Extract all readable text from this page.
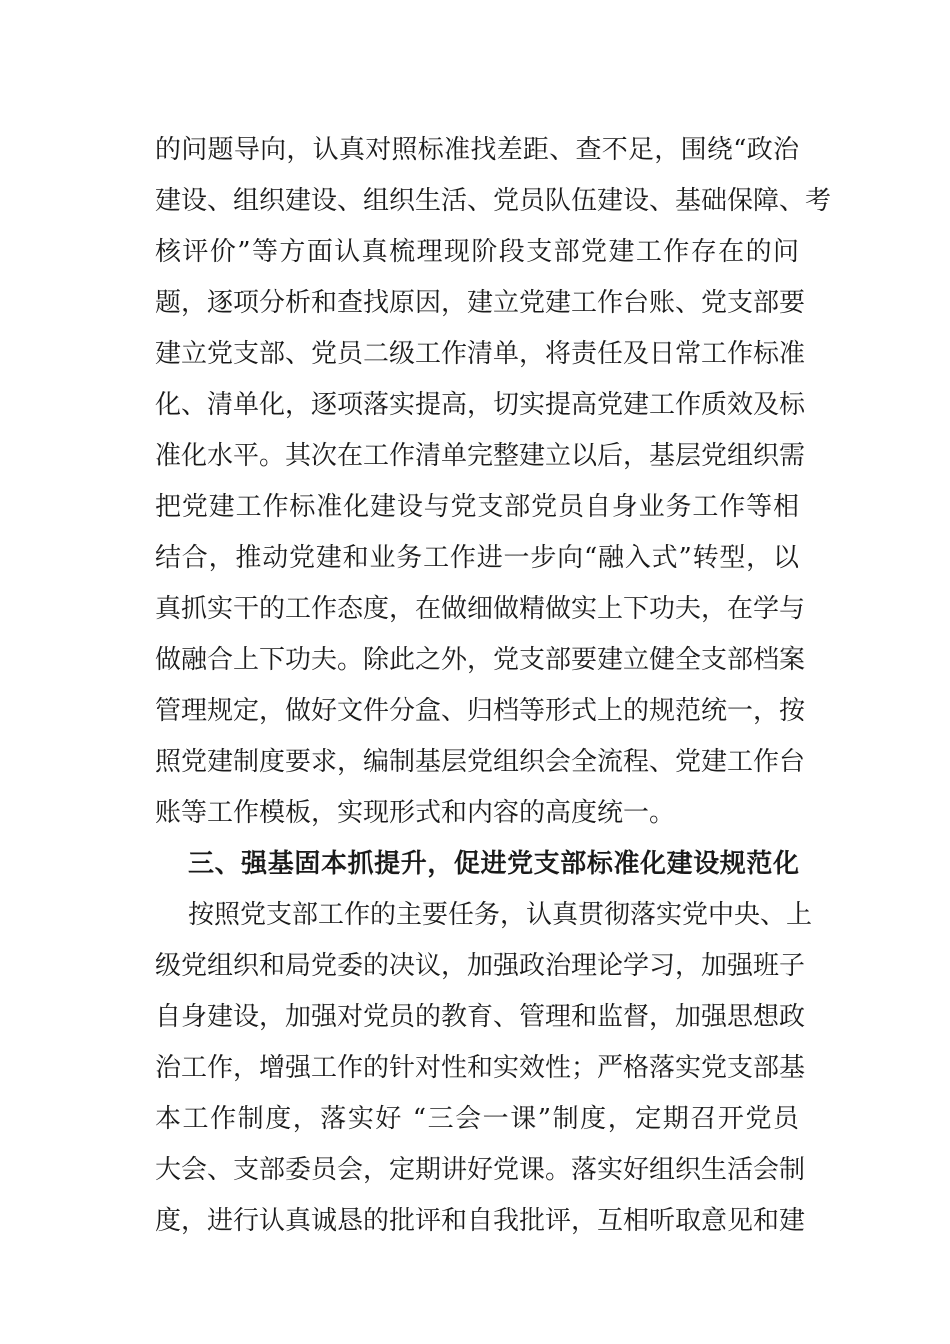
的问题导向，认真对照标准找差距、查不足，围绕“政治
建设、组织建设、组织生活、党员队伍建设、基础保障、考
核评价”等方面认真梳理现阶段支部党建工作存在的问
题，逐项分析和查找原因，建立党建工作台账、党支部要
建立党支部、党员二级工作清单，将责任及日常工作标准
化、清单化，逐项落实提高，切实提高党建工作质效及标
准化水平。其次在工作清单完整建立以后，基层党组织需
把党建工作标准化建设与党支部党员自身业务工作等相
结合，推动党建和业务工作进一步向“融入式”转型，以
真抓实干的工作态度，在做细做精做实上下功夫，在学与
做融合上下功夫。除此之外，党支部要建立健全支部档案
管理规定，做好文件分盒、归档等形式上的规范统一，按
照党建制度要求，编制基层党组织会全流程、党建工作台
账等工作模板，实现形式和内容的高度统一。
三、强基固本抓提升，促进党支部标准化建设规范化
按照党支部工作的主要任务，认真贯彻落实党中央、上
级党组织和局党委的决议，加强政治理论学习，加强班子
自身建设，加强对党员的教育、管理和监督，加强思想政
治工作，增强工作的针对性和实效性；严格落实党支部基
本工作制度，落实好 “三会一课”制度，定期召开党员
大会、支部委员会，定期讲好党课。落实好组织生活会制
度，进行认真诚恳的批评和自我批评，互相听取意见和建
